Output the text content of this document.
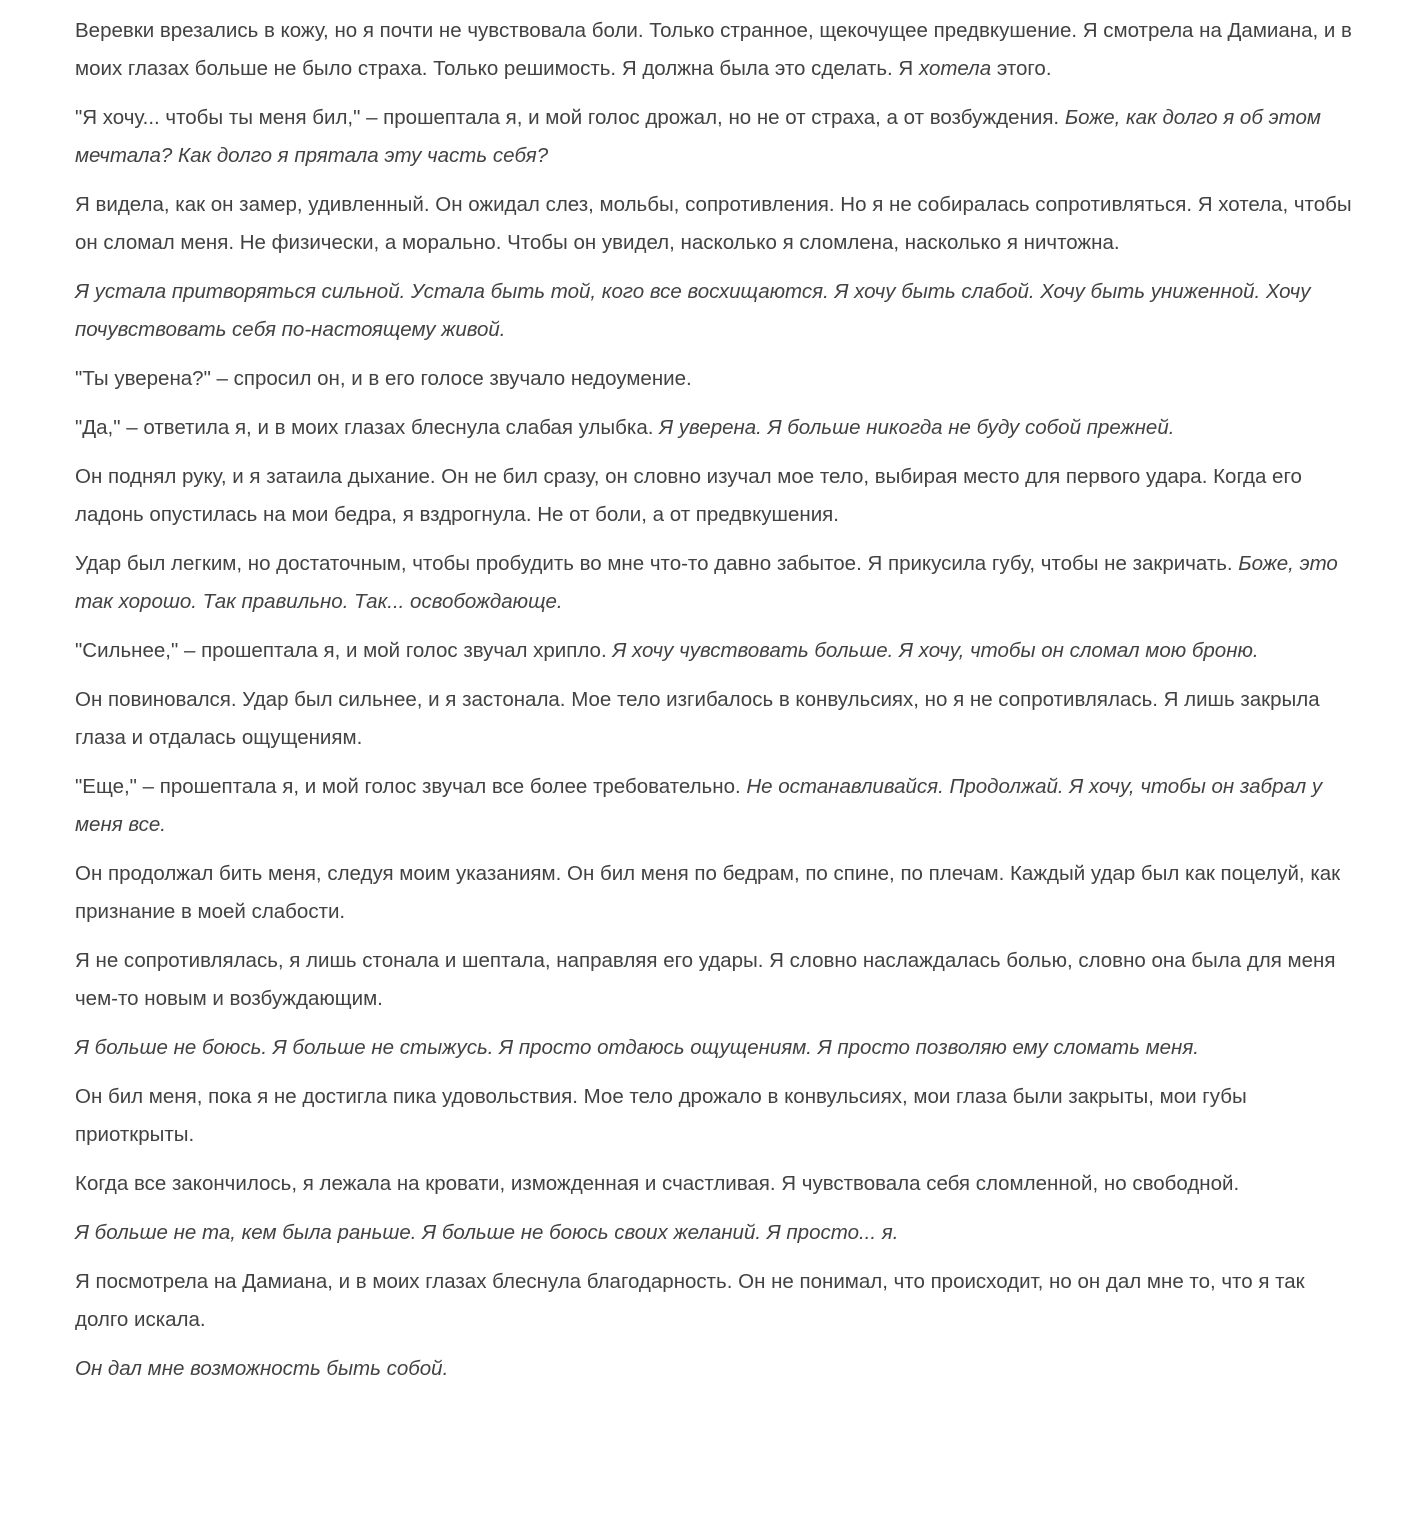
Веревки врезались в кожу, но я почти не чувствовала боли. Только странное, щекочущее предвкушение. Я смотрела на Дамиана, и в моих глазах больше не было страха. Только решимость. Я должна была это сделать. Я хотела этого.

"Я хочу... чтобы ты меня бил," – прошептала я, и мой голос дрожал, но не от страха, а от возбуждения. Боже, как долго я об этом мечтала? Как долго я прятала эту часть себя?

Я видела, как он замер, удивленный. Он ожидал слез, мольбы, сопротивления. Но я не собиралась сопротивляться. Я хотела, чтобы он сломал меня. Не физически, а морально. Чтобы он увидел, насколько я сломлена, насколько я ничтожна.

Я устала притворяться сильной. Устала быть той, кого все восхищаются. Я хочу быть слабой. Хочу быть униженной. Хочу почувствовать себя по-настоящему живой.

"Ты уверена?" – спросил он, и в его голосе звучало недоумение.

"Да," – ответила я, и в моих глазах блеснула слабая улыбка. Я уверена. Я больше никогда не буду собой прежней.

Он поднял руку, и я затаила дыхание. Он не бил сразу, он словно изучал мое тело, выбирая место для первого удара. Когда его ладонь опустилась на мои бедра, я вздрогнула. Не от боли, а от предвкушения.

Удар был легким, но достаточным, чтобы пробудить во мне что-то давно забытое. Я прикусила губу, чтобы не закричать. Боже, это так хорошо. Так правильно. Так... освобождающе.

"Сильнее," – прошептала я, и мой голос звучал хрипло. Я хочу чувствовать больше. Я хочу, чтобы он сломал мою броню.

Он повиновался. Удар был сильнее, и я застонала. Мое тело изгибалось в конвульсиях, но я не сопротивлялась. Я лишь закрыла глаза и отдалась ощущениям.

"Еще," – прошептала я, и мой голос звучал все более требовательно. Не останавливайся. Продолжай. Я хочу, чтобы он забрал у меня все.

Он продолжал бить меня, следуя моим указаниям. Он бил меня по бедрам, по спине, по плечам. Каждый удар был как поцелуй, как признание в моей слабости.

Я не сопротивлялась, я лишь стонала и шептала, направляя его удары. Я словно наслаждалась болью, словно она была для меня чем-то новым и возбуждающим.

Я больше не боюсь. Я больше не стыжусь. Я просто отдаюсь ощущениям. Я просто позволяю ему сломать меня.

Он бил меня, пока я не достигла пика удовольствия. Мое тело дрожало в конвульсиях, мои глаза были закрыты, мои губы приоткрыты.

Когда все закончилось, я лежала на кровати, изможденная и счастливая. Я чувствовала себя сломленной, но свободной.

Я больше не та, кем была раньше. Я больше не боюсь своих желаний. Я просто... я.

Я посмотрела на Дамиана, и в моих глазах блеснула благодарность. Он не понимал, что происходит, но он дал мне то, что я так долго искала.

Он дал мне возможность быть собой.
